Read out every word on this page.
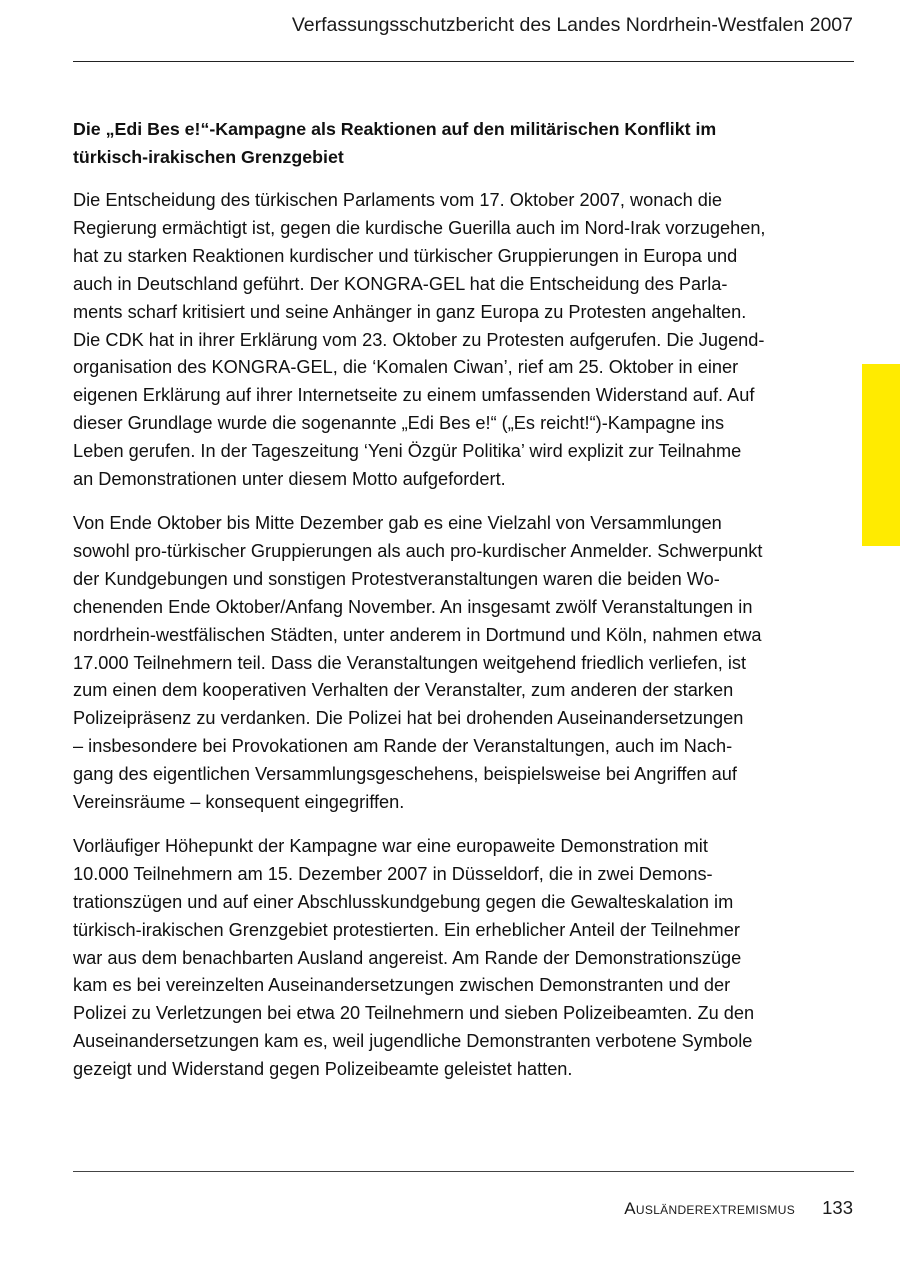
Verfassungsschutzbericht des Landes Nordrhein-Westfalen 2007
Die „Edi Bes e!“-Kampagne als Reaktionen auf den militärischen Konflikt im
türkisch-irakischen Grenzgebiet

Die Entscheidung des türkischen Parlaments vom 17. Oktober 2007, wonach die
Regierung ermächtigt ist, gegen die kurdische Guerilla auch im Nord-Irak vorzugehen,
hat zu starken Reaktionen kurdischer und türkischer Gruppierungen in Europa und
auch in Deutschland geführt. Der KONGRA-GEL hat die Entscheidung des Parla-
ments scharf kritisiert und seine Anhänger in ganz Europa zu Protesten angehalten.
Die CDK hat in ihrer Erklärung vom 23. Oktober zu Protesten aufgerufen. Die Jugend-
organisation des KONGRA-GEL, die ‘Komalen Ciwan’, rief am 25. Oktober in einer
eigenen Erklärung auf ihrer Internetseite zu einem umfassenden Widerstand auf. Auf
dieser Grundlage wurde die sogenannte „Edi Bes e!“ („Es reicht!“)-Kampagne ins
Leben gerufen. In der Tageszeitung ‘Yeni Özgür Politika’ wird explizit zur Teilnahme
an Demonstrationen unter diesem Motto aufgefordert.

Von Ende Oktober bis Mitte Dezember gab es eine Vielzahl von Versammlungen
sowohl pro-türkischer Gruppierungen als auch pro-kurdischer Anmelder. Schwerpunkt
der Kundgebungen und sonstigen Protestveranstaltungen waren die beiden Wo-
chenenden Ende Oktober/Anfang November. An insgesamt zwölf Veranstaltungen in
nordrhein-westfälischen Städten, unter anderem in Dortmund und Köln, nahmen etwa
17.000 Teilnehmern teil. Dass die Veranstaltungen weitgehend friedlich verliefen, ist
zum einen dem kooperativen Verhalten der Veranstalter, zum anderen der starken
Polizeipräsenz zu verdanken. Die Polizei hat bei drohenden Auseinandersetzungen
– insbesondere bei Provokationen am Rande der Veranstaltungen, auch im Nach-
gang des eigentlichen Versammlungsgeschehens, beispielsweise bei Angriffen auf
Vereinsräume – konsequent eingegriffen.

Vorläufiger Höhepunkt der Kampagne war eine europaweite Demonstration mit
10.000 Teilnehmern am 15. Dezember 2007 in Düsseldorf, die in zwei Demons-
trationszügen und auf einer Abschlusskundgebung gegen die Gewalteskalation im
türkisch-irakischen Grenzgebiet protestierten. Ein erheblicher Anteil der Teilnehmer
war aus dem benachbarten Ausland angereist. Am Rande der Demonstrationszüge
kam es bei vereinzelten Auseinandersetzungen zwischen Demonstranten und der
Polizei zu Verletzungen bei etwa 20 Teilnehmern und sieben Polizeibeamten. Zu den
Auseinandersetzungen kam es, weil jugendliche Demonstranten verbotene Symbole
gezeigt und Widerstand gegen Polizeibeamte geleistet hatten.

Ausländerextremismus 133
